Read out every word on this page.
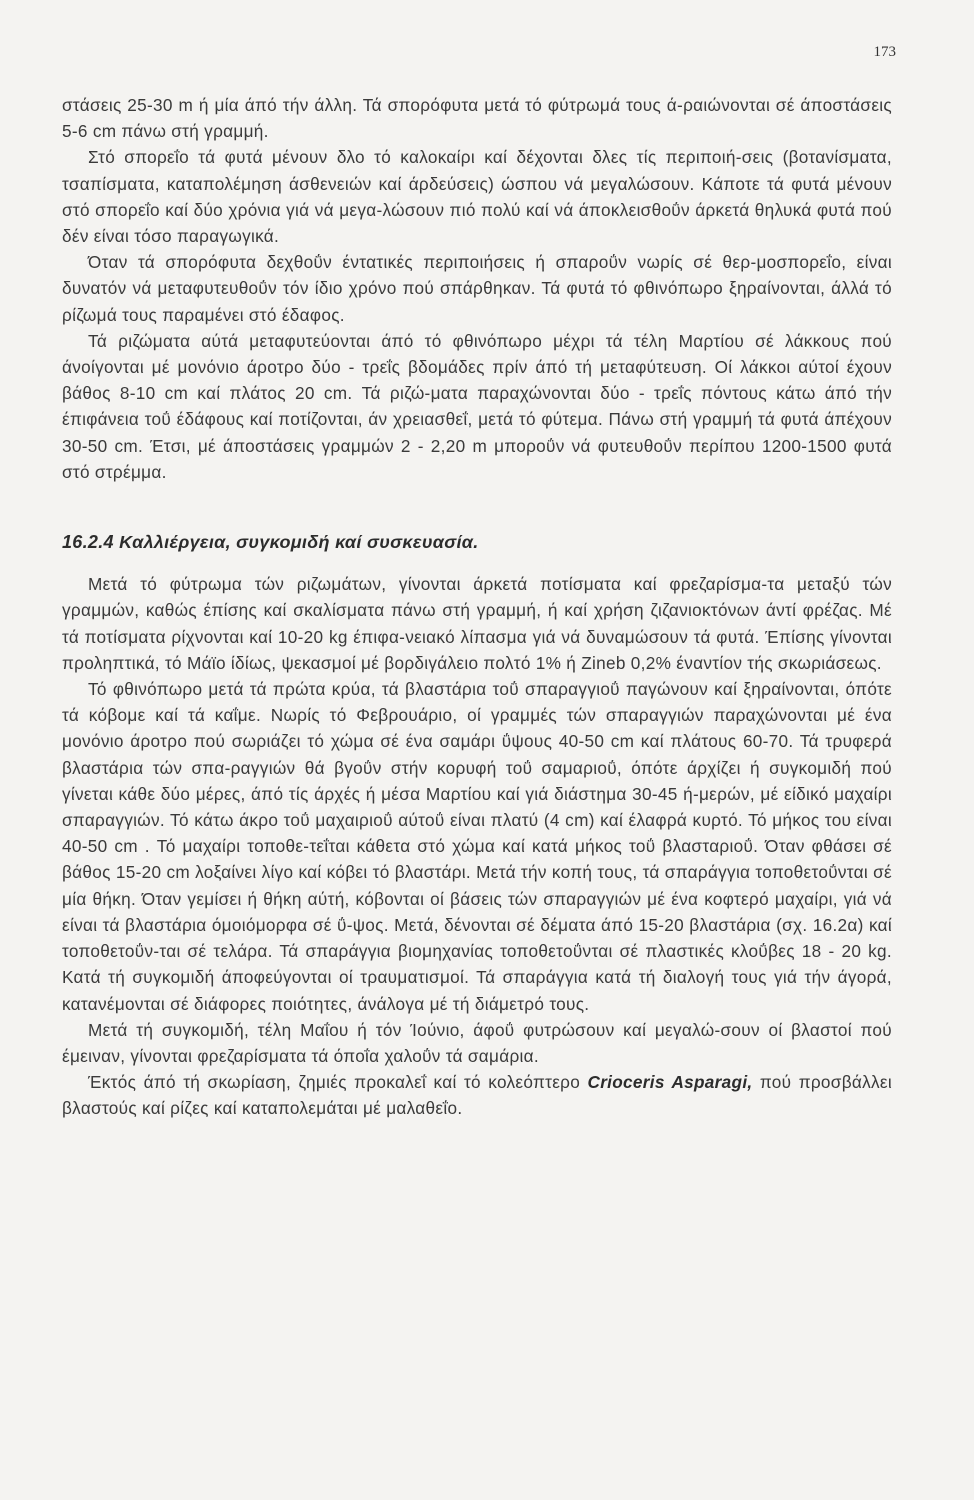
173

στάσεις 25-30 m ή μία άπό τήν άλλη. Τά σπορόφυτα μετά τό φύτρωμά τους ά-ραιώνονται σέ άποστάσεις 5-6 cm πάνω στή γραμμή.

Στό σπορεΐο τά φυτά μένουν δλο τό καλοκαίρι καί δέχονται δλες τίς περιποιή-σεις (βοτανίσματα, τσαπίσματα, καταπολέμηση άσθενειών καί άρδεύσεις) ώσπου νά μεγαλώσουν. Κάποτε τά φυτά μένουν στό σπορεΐο καί δύο χρόνια γιά νά μεγα-λώσουν πιό πολύ καί νά άποκλεισθοΰν άρκετά θηλυκά φυτά πού δέν είναι τόσο παραγωγικά.

Όταν τά σπορόφυτα δεχθοΰν έντατικές περιποιήσεις ή σπαροΰν νωρίς σέ θερ-μοσπορεΐο, είναι δυνατόν νά μεταφυτευθοΰν τόν ίδιο χρόνο πού σπάρθηκαν. Τά φυτά τό φθινόπωρο ξηραίνονται, άλλά τό ρίζωμά τους παραμένει στό έδαφος.

Τά ριζώματα αύτά μεταφυτεύονται άπό τό φθινόπωρο μέχρι τά τέλη Μαρτίου σέ λάκκους πού άνοίγονται μέ μονόνιο άροτρο δύο - τρεΐς βδομάδες πρίν άπό τή μεταφύτευση. Οί λάκκοι αύτοί έχουν βάθος 8-10 cm καί πλάτος 20 cm. Τά ριζώ-ματα παραχώνονται δύο - τρεΐς πόντους κάτω άπό τήν έπιφάνεια τοΰ έδάφους καί ποτίζονται, άν χρειασθεΐ, μετά τό φύτεμα. Πάνω στή γραμμή τά φυτά άπέχουν 30-50 cm. Έτσι, μέ άποστάσεις γραμμών 2 - 2,20 m μποροΰν νά φυτευθοΰν περίπου 1200-1500 φυτά στό στρέμμα.

16.2.4 Καλλιέργεια, συγκομιδή καί συσκευασία.

Μετά τό φύτρωμα τών ριζωμάτων, γίνονται άρκετά ποτίσματα καί φρεζαρίσμα-τα μεταξύ τών γραμμών, καθώς έπίσης καί σκαλίσματα πάνω στή γραμμή, ή καί χρήση ζιζανιοκτόνων άντί φρέζας. Μέ τά ποτίσματα ρίχνονται καί 10-20 kg έπιφα-νειακό λίπασμα γιά νά δυναμώσουν τά φυτά. Έπίσης γίνονται προληπτικά, τό Μάϊο ίδίως, ψεκασμοί μέ βορδιγάλειο πολτό 1% ή Zineb 0,2% έναντίον τής σκωριάσεως.

Τό φθινόπωρο μετά τά πρώτα κρύα, τά βλαστάρια τοΰ σπαραγγιοΰ παγώνουν καί ξηραίνονται, όπότε τά κόβομε καί τά καΐμε. Νωρίς τό Φεβρουάριο, οί γραμμές τών σπαραγγιών παραχώνονται μέ ένα μονόνιο άροτρο πού σωριάζει τό χώμα σέ ένα σαμάρι ΰψους 40-50 cm καί πλάτους 60-70. Τά τρυφερά βλαστάρια τών σπα-ραγγιών θά βγοΰν στήν κορυφή τοΰ σαμαριοΰ, όπότε άρχίζει ή συγκομιδή πού γίνεται κάθε δύο μέρες, άπό τίς άρχές ή μέσα Μαρτίου καί γιά διάστημα 30-45 ή-μερών, μέ είδικό μαχαίρι σπαραγγιών. Τό κάτω άκρο τοΰ μαχαιριοΰ αύτοΰ είναι πλατύ (4 cm) καί έλαφρά κυρτό. Τό μήκος του είναι 40-50 cm . Τό μαχαίρι τοποθε-τεΐται κάθετα στό χώμα καί κατά μήκος τοΰ βλασταριοΰ. Όταν φθάσει σέ βάθος 15-20 cm λοξαίνει λίγο καί κόβει τό βλαστάρι. Μετά τήν κοπή τους, τά σπαράγγια τοποθετοΰνται σέ μία θήκη. Όταν γεμίσει ή θήκη αύτή, κόβονται οί βάσεις τών σπαραγγιών μέ ένα κοφτερό μαχαίρι, γιά νά είναι τά βλαστάρια όμοιόμορφα σέ ΰ-ψος. Μετά, δένονται σέ δέματα άπό 15-20 βλαστάρια (σχ. 16.2α) καί τοποθετοΰν-ται σέ τελάρα. Τά σπαράγγια βιομηχανίας τοποθετοΰνται σέ πλαστικές κλοΰβες 18 - 20 kg. Κατά τή συγκομιδή άποφεύγονται οί τραυματισμοί. Τά σπαράγγια κατά τή διαλογή τους γιά τήν άγορά, κατανέμονται σέ διάφορες ποιότητες, άνάλογα μέ τή διάμετρό τους.

Μετά τή συγκομιδή, τέλη Μαΐου ή τόν Ίούνιο, άφοΰ φυτρώσουν καί μεγαλώ-σουν οί βλαστοί πού έμειναν, γίνονται φρεζαρίσματα τά όποΐα χαλοΰν τά σαμάρια.

Έκτός άπό τή σκωρίαση, ζημιές προκαλεΐ καί τό κολεόπτερο Crioceris Asparagi, πού προσβάλλει βλαστούς καί ρίζες καί καταπολεμάται μέ μαλαθεΐο.
